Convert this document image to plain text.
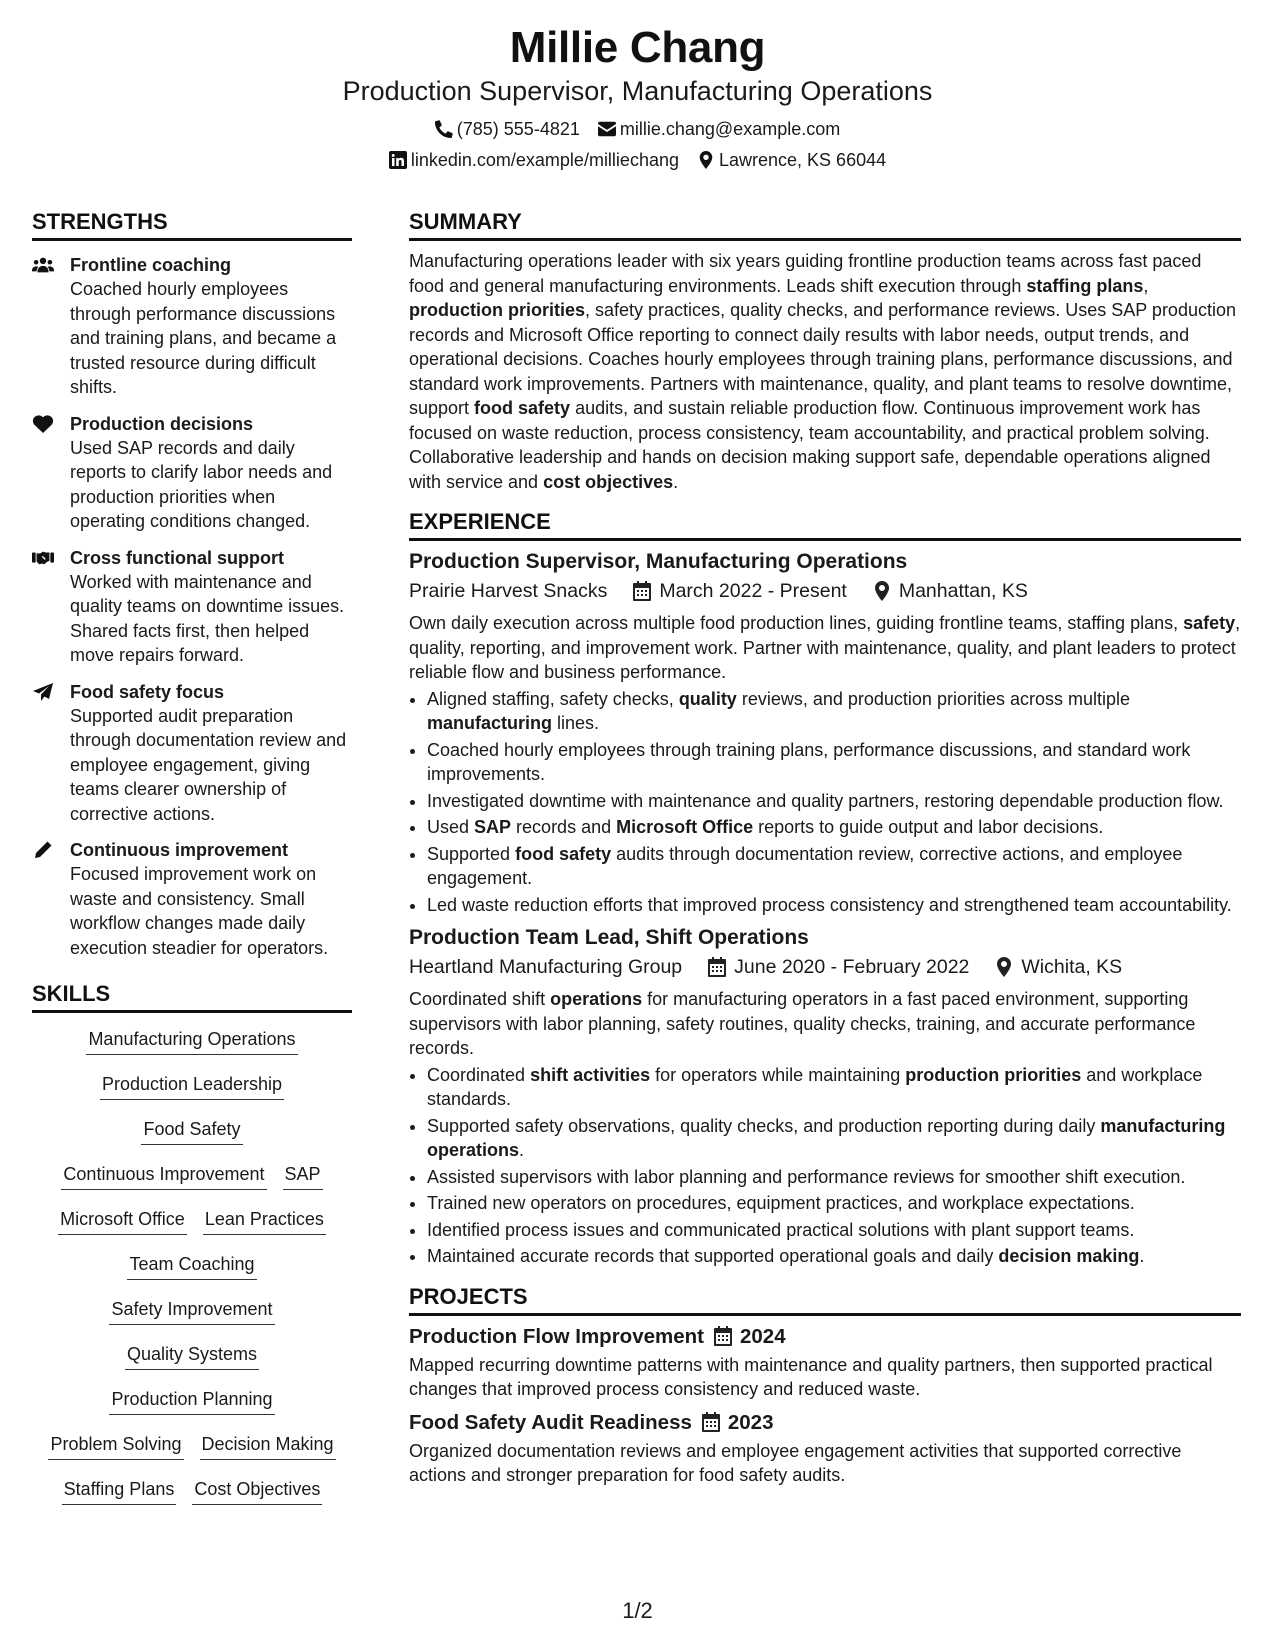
Millie Chang
Production Supervisor, Manufacturing Operations
(785) 555-4821 millie.chang@example.com
linkedin.com/example/milliechang Lawrence, KS 66044
STRENGTHS
Frontline coaching
Coached hourly employees through performance discussions and training plans, and became a trusted resource during difficult shifts.
Production decisions
Used SAP records and daily reports to clarify labor needs and production priorities when operating conditions changed.
Cross functional support
Worked with maintenance and quality teams on downtime issues. Shared facts first, then helped move repairs forward.
Food safety focus
Supported audit preparation through documentation review and employee engagement, giving teams clearer ownership of corrective actions.
Continuous improvement
Focused improvement work on waste and consistency. Small workflow changes made daily execution steadier for operators.
SKILLS
Manufacturing Operations
Production Leadership
Food Safety
Continuous Improvement SAP
Microsoft Office Lean Practices
Team Coaching
Safety Improvement
Quality Systems
Production Planning
Problem Solving Decision Making
Staffing Plans Cost Objectives
SUMMARY
Manufacturing operations leader with six years guiding frontline production teams across fast paced food and general manufacturing environments. Leads shift execution through staffing plans, production priorities, safety practices, quality checks, and performance reviews. Uses SAP production records and Microsoft Office reporting to connect daily results with labor needs, output trends, and operational decisions. Coaches hourly employees through training plans, performance discussions, and standard work improvements. Partners with maintenance, quality, and plant teams to resolve downtime, support food safety audits, and sustain reliable production flow. Continuous improvement work has focused on waste reduction, process consistency, team accountability, and practical problem solving. Collaborative leadership and hands on decision making support safe, dependable operations aligned with service and cost objectives.
EXPERIENCE
Production Supervisor, Manufacturing Operations
Prairie Harvest Snacks	March 2022 - Present	Manhattan, KS
Own daily execution across multiple food production lines, guiding frontline teams, staffing plans, safety, quality, reporting, and improvement work. Partner with maintenance, quality, and plant leaders to protect reliable flow and business performance.
• Aligned staffing, safety checks, quality reviews, and production priorities across multiple manufacturing lines.
• Coached hourly employees through training plans, performance discussions, and standard work improvements.
• Investigated downtime with maintenance and quality partners, restoring dependable production flow.
• Used SAP records and Microsoft Office reports to guide output and labor decisions.
• Supported food safety audits through documentation review, corrective actions, and employee engagement.
• Led waste reduction efforts that improved process consistency and strengthened team accountability.
Production Team Lead, Shift Operations
Heartland Manufacturing Group	June 2020 - February 2022	Wichita, KS
Coordinated shift operations for manufacturing operators in a fast paced environment, supporting supervisors with labor planning, safety routines, quality checks, training, and accurate performance records.
• Coordinated shift activities for operators while maintaining production priorities and workplace standards.
• Supported safety observations, quality checks, and production reporting during daily manufacturing operations.
• Assisted supervisors with labor planning and performance reviews for smoother shift execution.
• Trained new operators on procedures, equipment practices, and workplace expectations.
• Identified process issues and communicated practical solutions with plant support teams.
• Maintained accurate records that supported operational goals and daily decision making.
PROJECTS
Production Flow Improvement 2024
Mapped recurring downtime patterns with maintenance and quality partners, then supported practical changes that improved process consistency and reduced waste.
Food Safety Audit Readiness 2023
Organized documentation reviews and employee engagement activities that supported corrective actions and stronger preparation for food safety audits.
1/2
